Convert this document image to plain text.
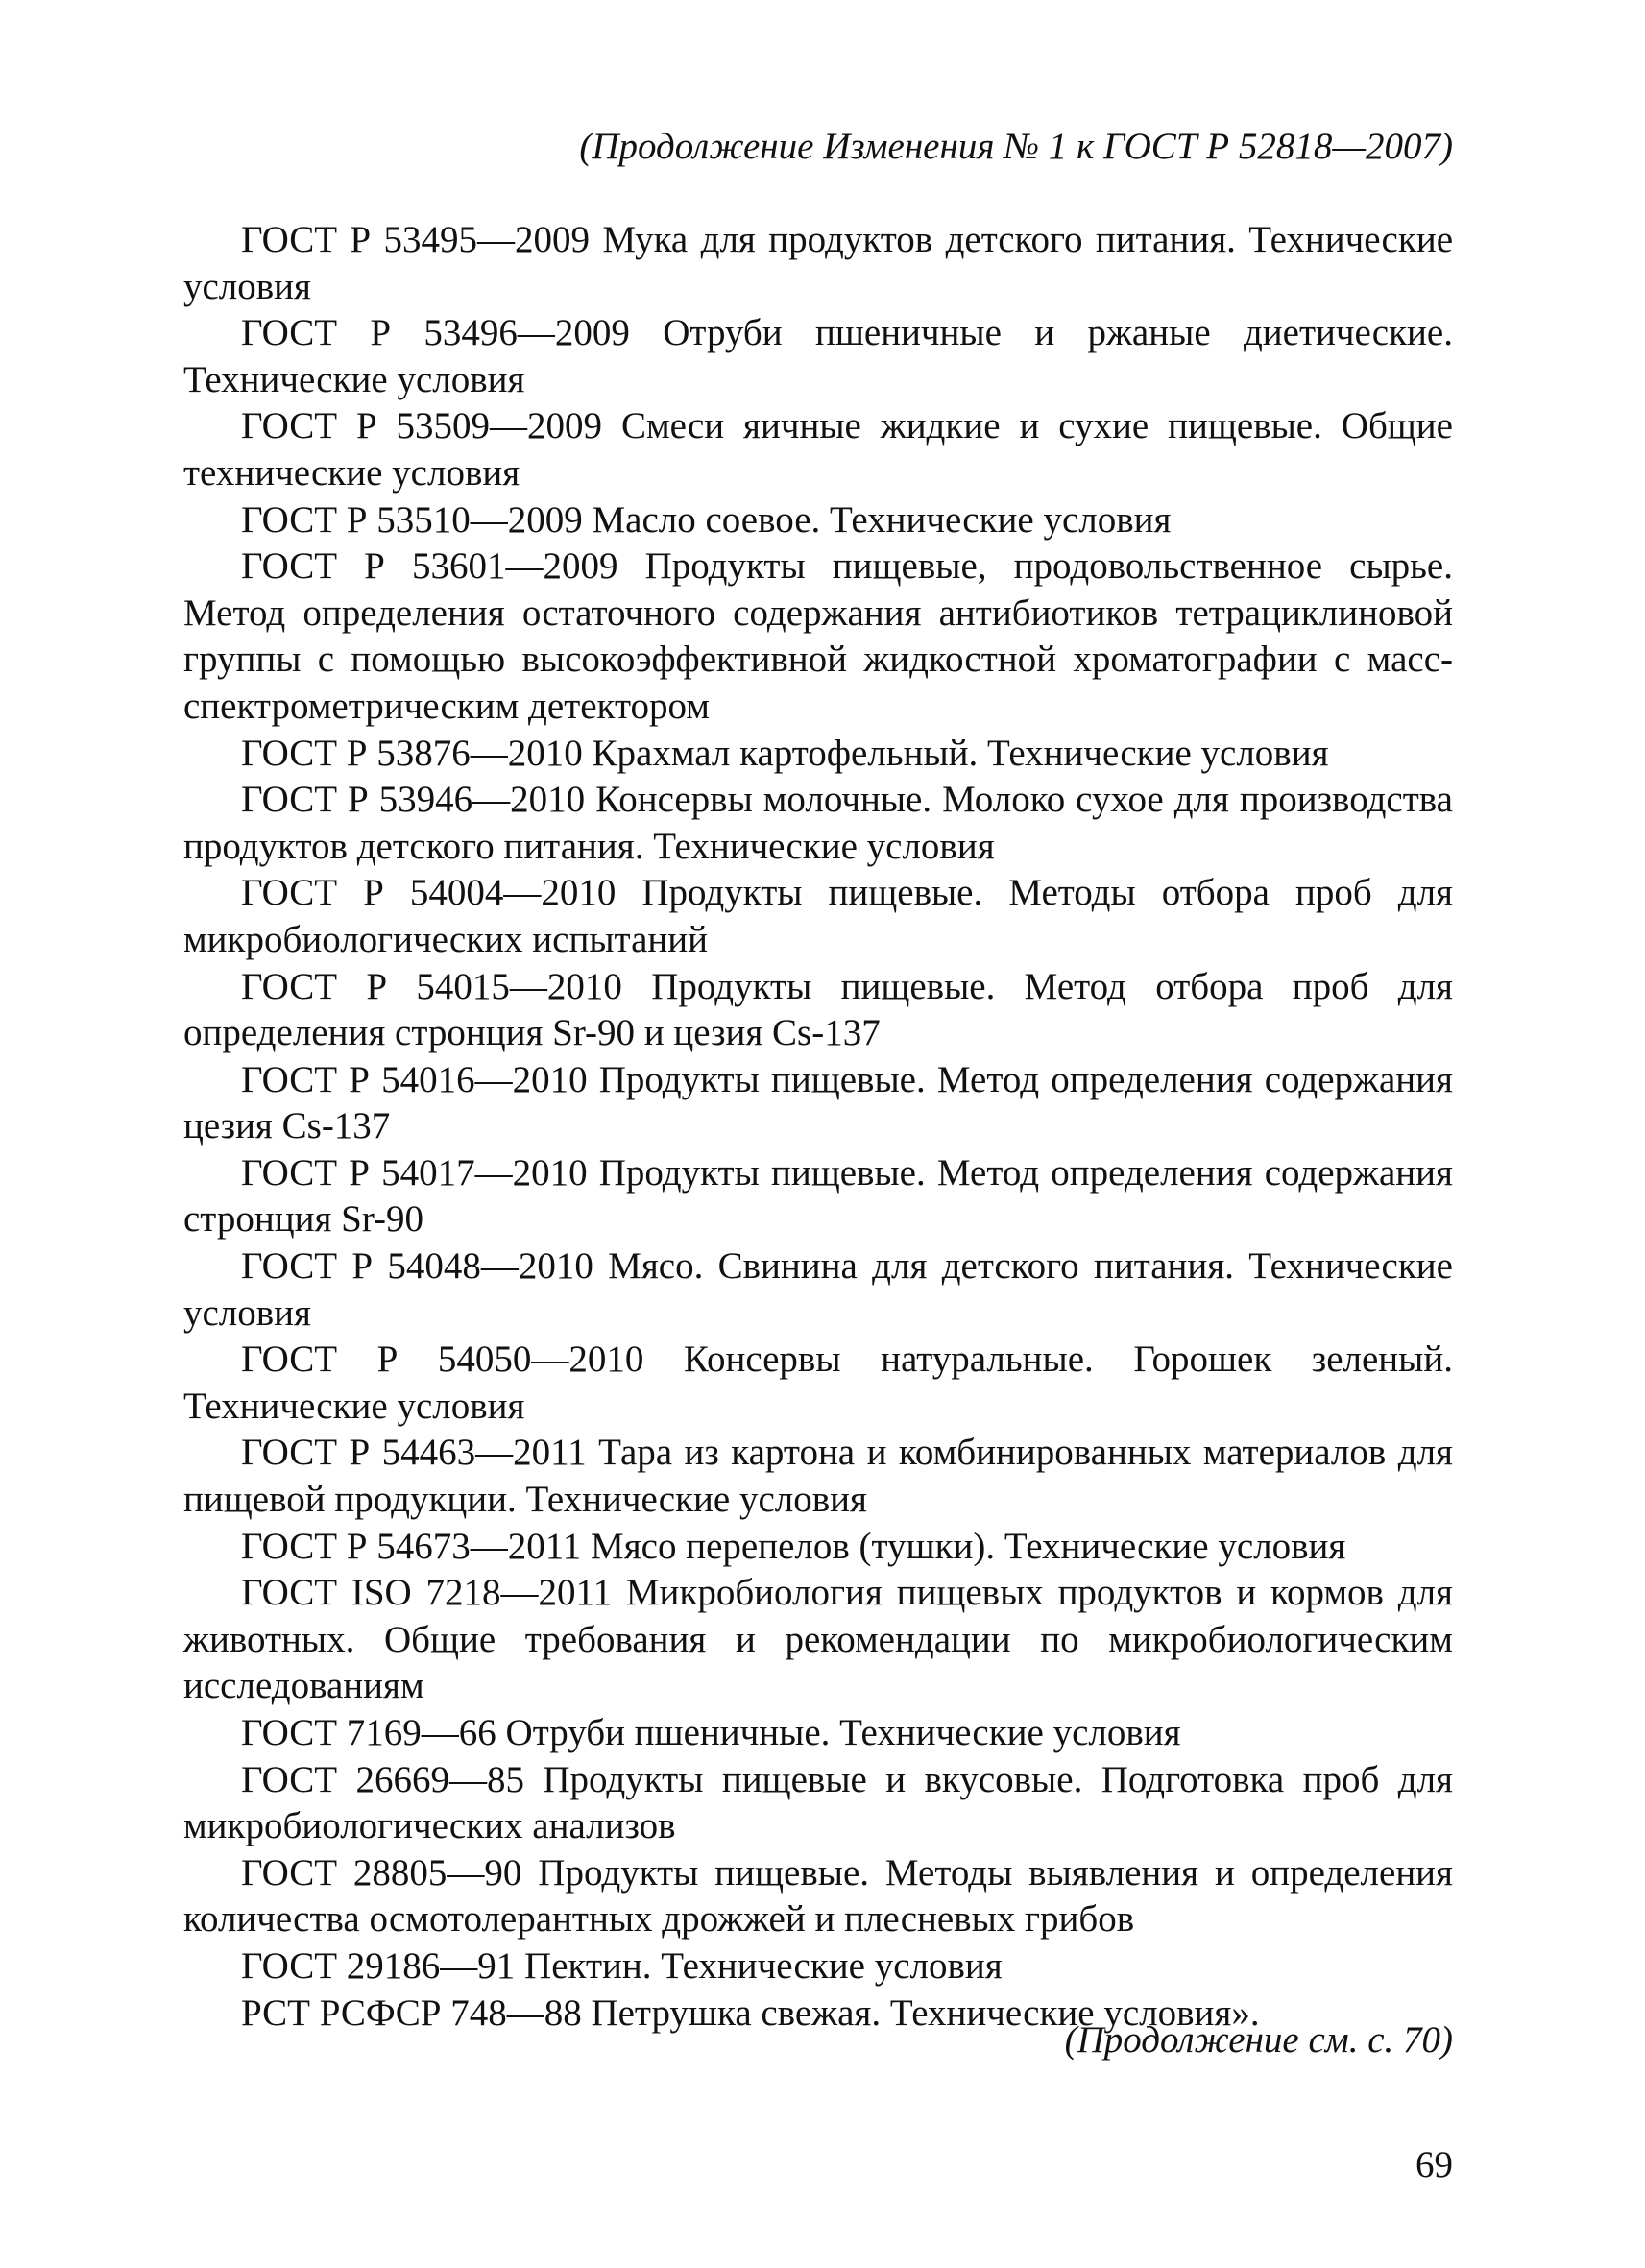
(Продолжение Изменения № 1 к ГОСТ Р 52818—2007)
ГОСТ Р 53495—2009 Мука для продуктов детского питания. Технические условия
ГОСТ Р 53496—2009 Отруби пшеничные и ржаные диетические. Технические условия
ГОСТ Р 53509—2009 Смеси яичные жидкие и сухие пищевые. Общие технические условия
ГОСТ Р 53510—2009 Масло соевое. Технические условия
ГОСТ Р 53601—2009 Продукты пищевые, продовольственное сырье. Метод определения остаточного содержания антибиотиков тетрациклиновой группы с помощью высокоэффективной жидкостной хроматографии с масс-спектрометрическим детектором
ГОСТ Р 53876—2010 Крахмал картофельный. Технические условия
ГОСТ Р 53946—2010 Консервы молочные. Молоко сухое для производства продуктов детского питания. Технические условия
ГОСТ Р 54004—2010 Продукты пищевые. Методы отбора проб для микробиологических испытаний
ГОСТ Р 54015—2010 Продукты пищевые. Метод отбора проб для определения стронция Sr-90 и цезия Cs-137
ГОСТ Р 54016—2010 Продукты пищевые. Метод определения содержания цезия Cs-137
ГОСТ Р 54017—2010 Продукты пищевые. Метод определения содержания стронция Sr-90
ГОСТ Р 54048—2010 Мясо. Свинина для детского питания. Технические условия
ГОСТ Р 54050—2010 Консервы натуральные. Горошек зеленый. Технические условия
ГОСТ Р 54463—2011 Тара из картона и комбинированных материалов для пищевой продукции. Технические условия
ГОСТ Р 54673—2011 Мясо перепелов (тушки). Технические условия
ГОСТ ISO 7218—2011 Микробиология пищевых продуктов и кормов для животных. Общие требования и рекомендации по микробиологическим исследованиям
ГОСТ 7169—66 Отруби пшеничные. Технические условия
ГОСТ 26669—85 Продукты пищевые и вкусовые. Подготовка проб для микробиологических анализов
ГОСТ 28805—90 Продукты пищевые. Методы выявления и определения количества осмотолерантных дрожжей и плесневых грибов
ГОСТ 29186—91 Пектин. Технические условия
РСТ РСФСР 748—88 Петрушка свежая. Технические условия».
(Продолжение см. с. 70)
69
